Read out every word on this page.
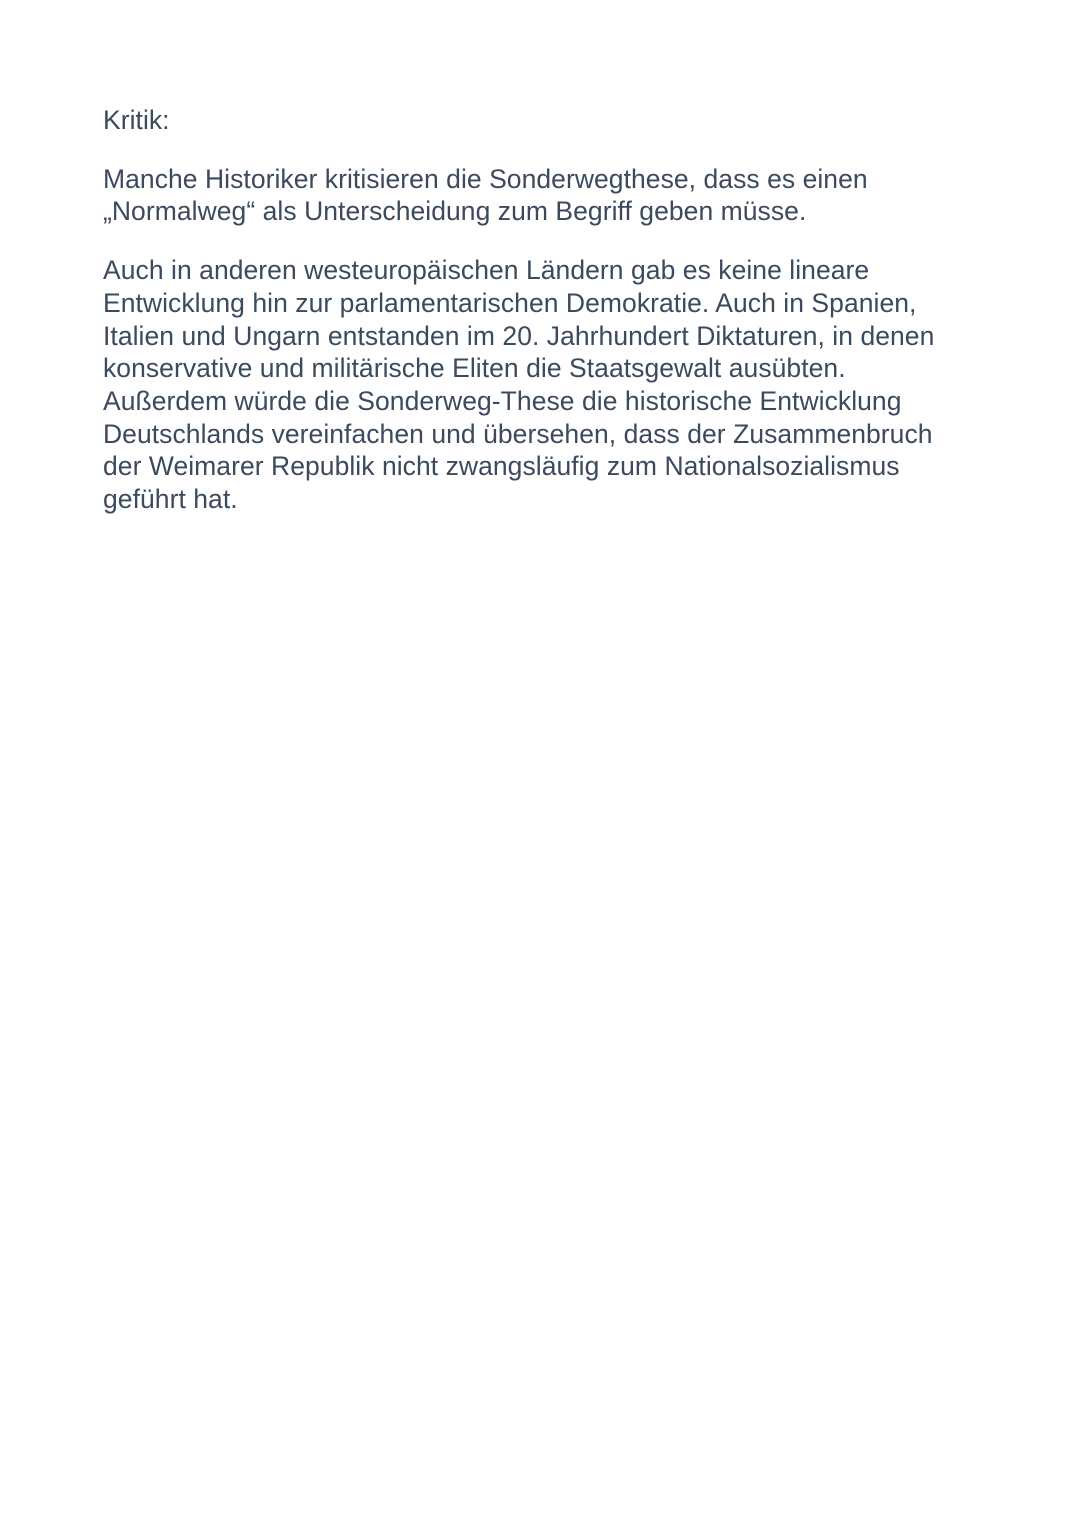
Kritik:

Manche Historiker kritisieren die Sonderwegthese, dass es einen
„Normalweg“ als Unterscheidung zum Begriff geben müsse.

Auch in anderen westeuropäischen Ländern gab es keine lineare
Entwicklung hin zur parlamentarischen Demokratie. Auch in Spanien,
Italien und Ungarn entstanden im 20. Jahrhundert Diktaturen, in denen
konservative und militärische Eliten die Staatsgewalt ausübten.
Außerdem würde die Sonderweg-These die historische Entwicklung
Deutschlands vereinfachen und übersehen, dass der Zusammenbruch
der Weimarer Republik nicht zwangsläufig zum Nationalsozialismus
geführt hat.
